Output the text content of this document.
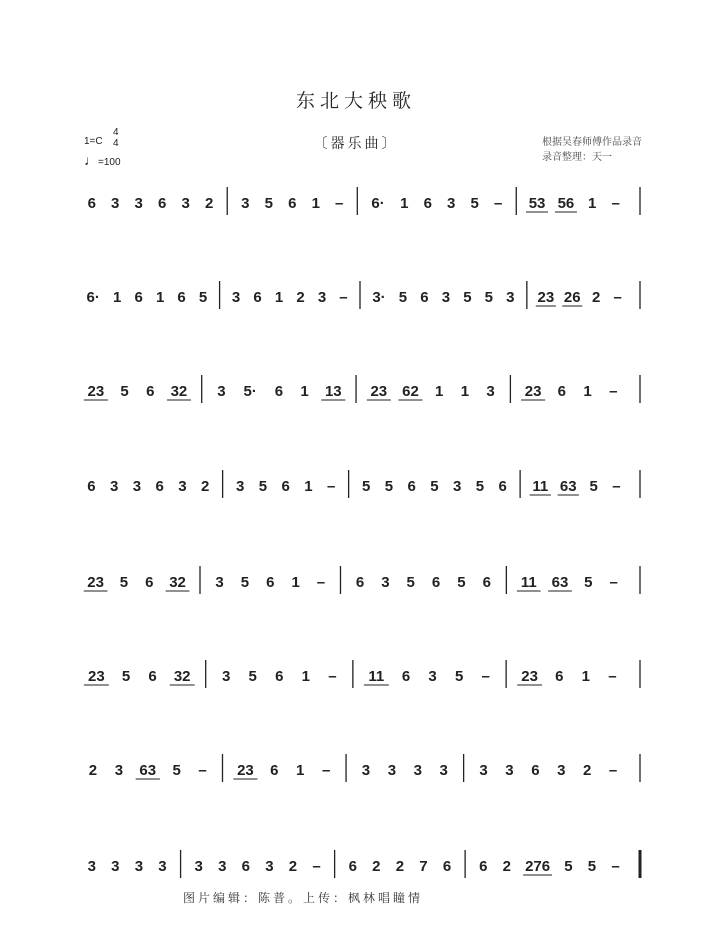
东北大秧歌
〔器乐曲〕
1=C
4
4
♩=100
根据吴春师傅作品录音
录音整理：天一
6 3 3 6 3 2 3 5 6 1 – 6· 1 6 3 5 – 53 56 1 –
6· 1 6 1 6 5 3 6 1 2 3 – 3· 5 6 3 5 5 3 23 26 2 –
23 5 6 32 3 5· 6 1 13 23 62 1 1 3 23 6 1 –
6 3 3 6 3 2 3 5 6 1 – 5 5 6 5 3 5 6 11 63 5 –
23 5 6 32 3 5 6 1 – 6 3 5 6 5 6 11 63 5 –
23 5 6 32 3 5 6 1 – 11 6 3 5 – 23 6 1 –
2 3 63 5 – 23 6 1 – 3 3 3 3 3 3 6 3 2 –
3 3 3 3 3 3 6 3 2 – 6 2 2 7 6 6 2 276 5 5 –
图片编辑：陈普。上传：枫林唱瞳情
